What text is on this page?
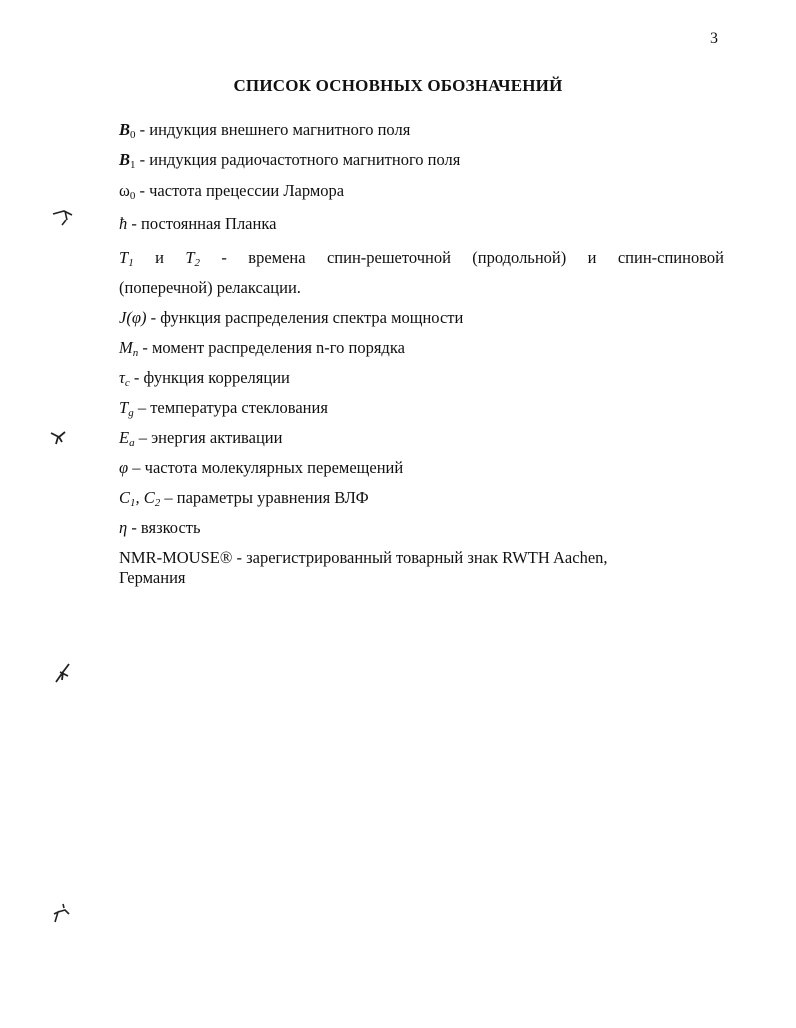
3
СПИСОК ОСНОВНЫХ ОБОЗНАЧЕНИЙ
$B_0$ - индукция внешнего магнитного поля
$B_1$ - индукция радиочастотного магнитного поля
$\omega_0$ - частота прецессии Лармора
ħ - постоянная Планка
$T_1$ и $T_2$ - времена спин-решеточной (продольной) и спин-спиновой
(поперечной) релаксации.
J(φ) - функция распределения спектра мощности
$M_n$ - момент распределения n-го порядка
$\tau_c$ - функция корреляции
$T_g$ – температура стеклования
$E_a$ – энергия активации
φ – частота молекулярных перемещений
$C_1$, $C_2$ – параметры уравнения ВЛФ
η - вязкость
NMR-MOUSE® - зарегистрированный товарный знак RWTH Aachen, Германия
